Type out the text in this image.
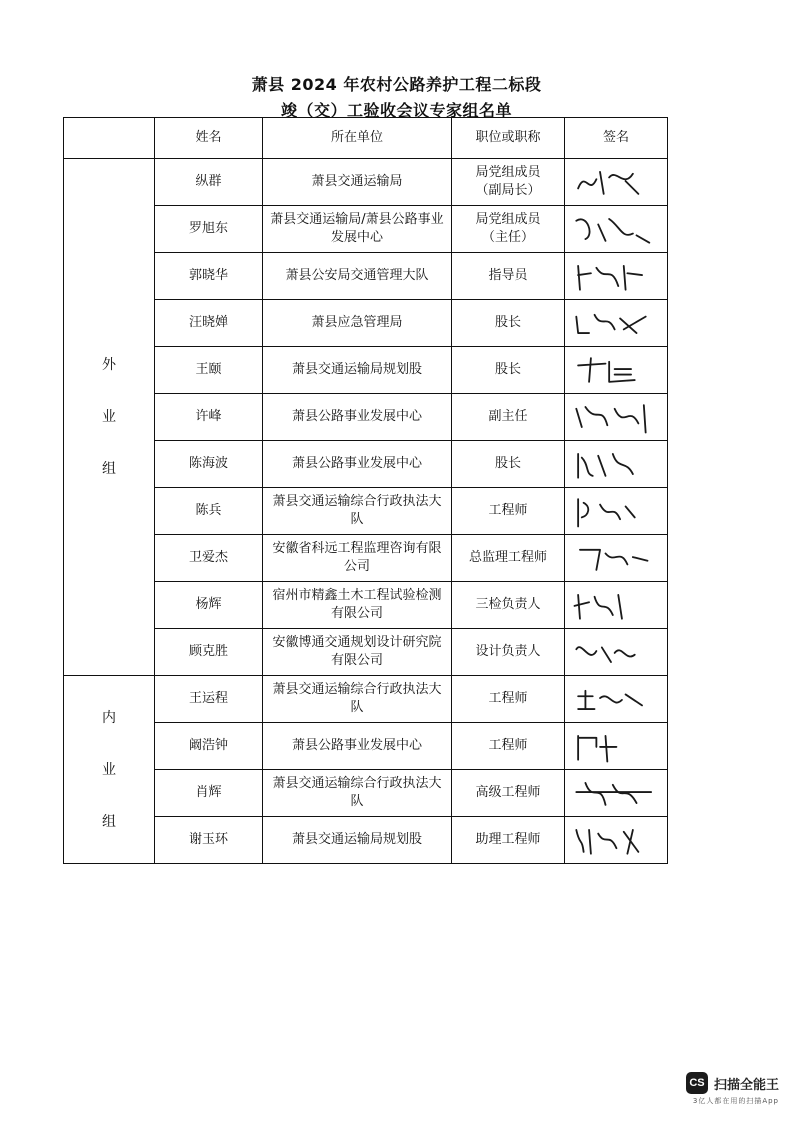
萧县 2024 年农村公路养护工程二标段
竣（交）工验收会议专家组名单
	姓名	所在单位	职位或职称	签名

外
业
组	纵群	萧县交通运输局	局党组成员
（副局长）	

	罗旭东	萧县交通运输局/萧县公路事业发展中心	局党组成员
（主任）	

	郭晓华	萧县公安局交通管理大队	指导员	

	汪晓婵	萧县应急管理局	股长	

	王颐	萧县交通运输局规划股	股长	

	许峰	萧县公路事业发展中心	副主任	

	陈海波	萧县公路事业发展中心	股长	

	陈兵	萧县交通运输综合行政执法大队	工程师	

	卫爱杰	安徽省科远工程监理咨询有限公司	总监理工程师	

	杨辉	宿州市精鑫土木工程试验检测有限公司	三检负责人	

	顾克胜	安徽博通交通规划设计研究院有限公司	设计负责人	

内
业
组	王运程	萧县交通运输综合行政执法大队	工程师	

	阚浩钟	萧县公路事业发展中心	工程师	

	肖辉	萧县交通运输综合行政执法大队	高级工程师	

	谢玉环	萧县交通运输局规划股	助理工程师	
CS 扫描全能王
3亿人都在用的扫描App
